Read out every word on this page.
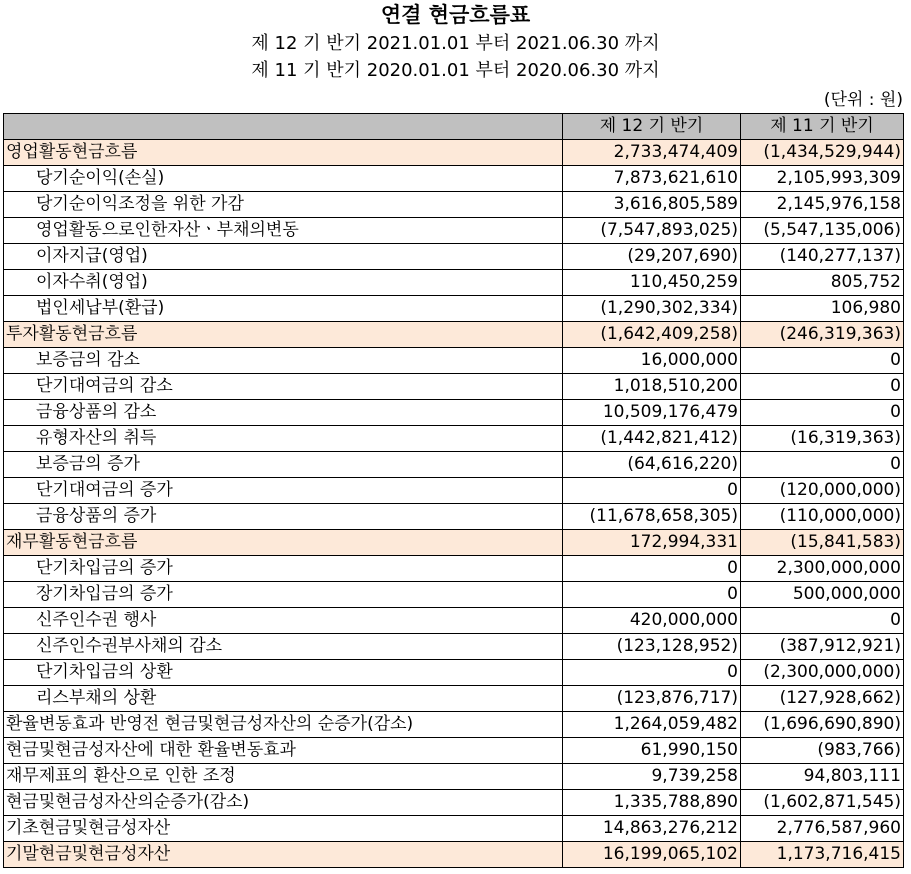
연결 현금흐름표
제 12 기 반기 2021.01.01 부터 2021.06.30 까지
제 11 기 반기 2020.01.01 부터 2020.06.30 까지
(단위 : 원)
	제 12 기 반기	제 11 기 반기
영업활동현금흐름	2,733,474,409	(1,434,529,944)
당기순이익(손실)	7,873,621,610	2,105,993,309
당기순이익조정을 위한 가감	3,616,805,589	2,145,976,158
영업활동으로인한자산ㆍ부채의변동	(7,547,893,025)	(5,547,135,006)
이자지급(영업)	(29,207,690)	(140,277,137)
이자수취(영업)	110,450,259	805,752
법인세납부(환급)	(1,290,302,334)	106,980
투자활동현금흐름	(1,642,409,258)	(246,319,363)
보증금의 감소	16,000,000	0
단기대여금의 감소	1,018,510,200	0
금융상품의 감소	10,509,176,479	0
유형자산의 취득	(1,442,821,412)	(16,319,363)
보증금의 증가	(64,616,220)	0
단기대여금의 증가	0	(120,000,000)
금융상품의 증가	(11,678,658,305)	(110,000,000)
재무활동현금흐름	172,994,331	(15,841,583)
단기차입금의 증가	0	2,300,000,000
장기차입금의 증가	0	500,000,000
신주인수권 행사	420,000,000	0
신주인수권부사채의 감소	(123,128,952)	(387,912,921)
단기차입금의 상환	0	(2,300,000,000)
리스부채의 상환	(123,876,717)	(127,928,662)
환율변동효과 반영전 현금및현금성자산의 순증가(감소)	1,264,059,482	(1,696,690,890)
현금및현금성자산에 대한 환율변동효과	61,990,150	(983,766)
재무제표의 환산으로 인한 조정	9,739,258	94,803,111
현금및현금성자산의순증가(감소)	1,335,788,890	(1,602,871,545)
기초현금및현금성자산	14,863,276,212	2,776,587,960
기말현금및현금성자산	16,199,065,102	1,173,716,415
